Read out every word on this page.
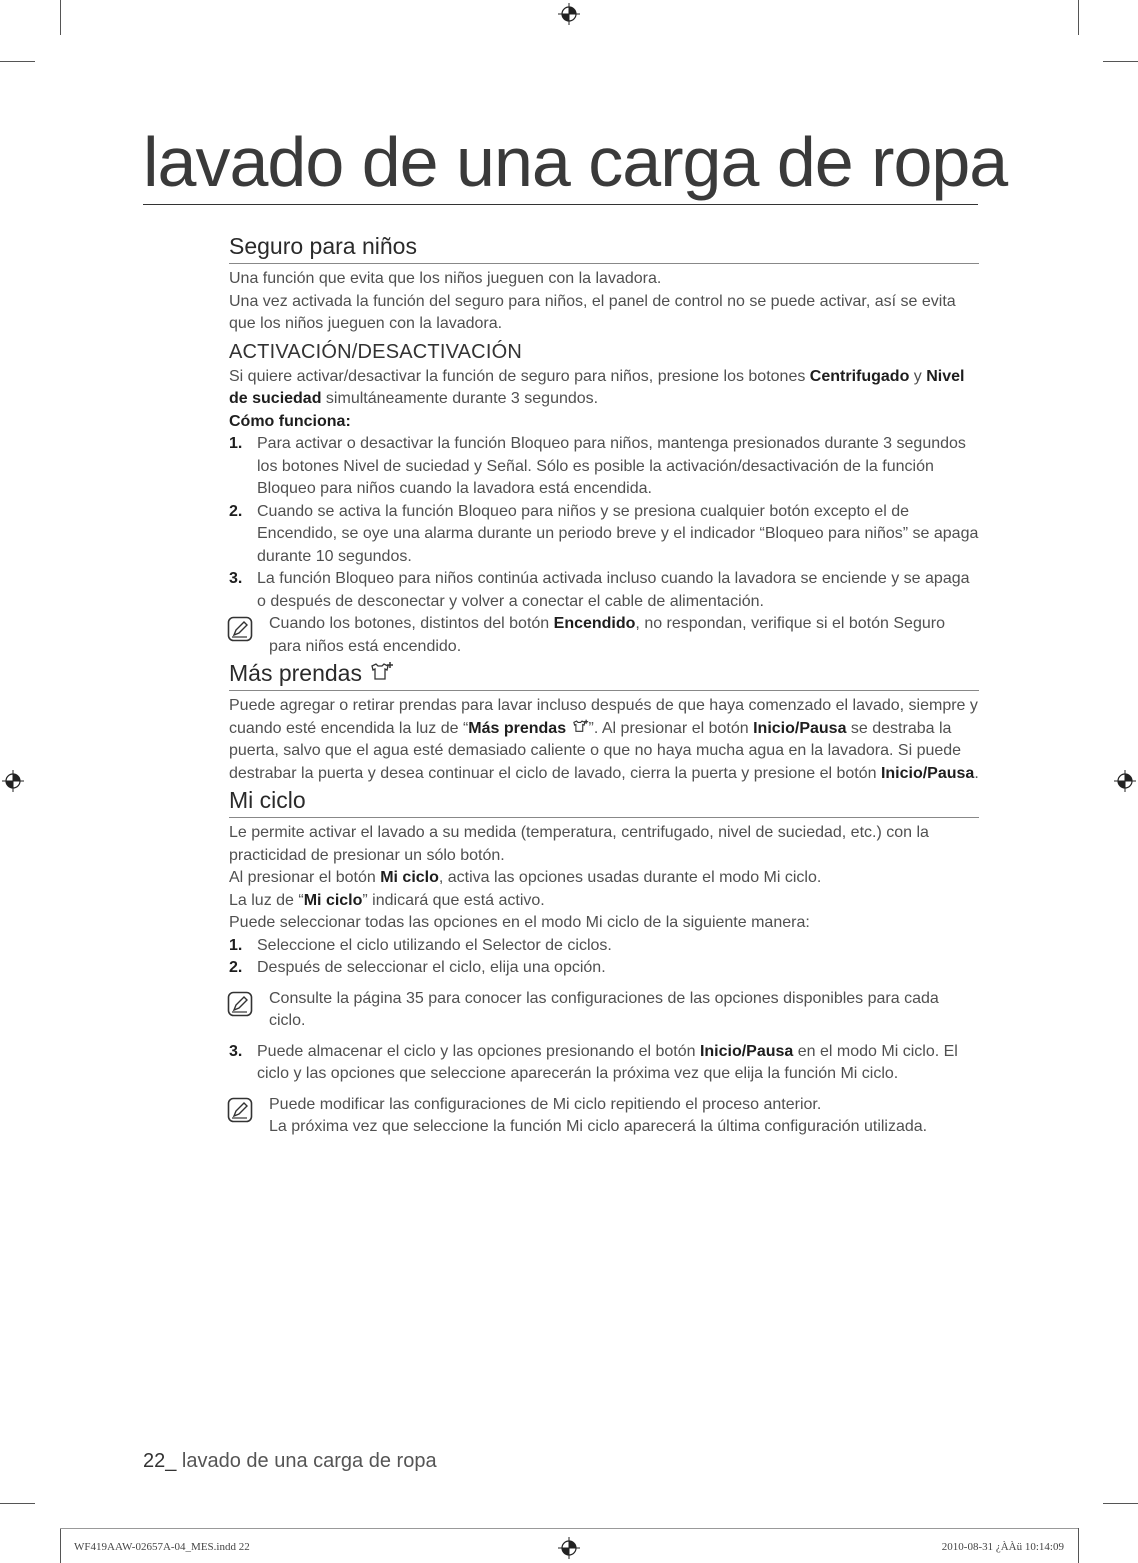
lavado de una carga de ropa
Seguro para niños

Una función que evita que los niños jueguen con la lavadora.

Una vez activada la función del seguro para niños, el panel de control no se puede activar, así se evita que los niños jueguen con la lavadora.

ACTIVACIÓN/DESACTIVACIÓN

Si quiere activar/desactivar la función de seguro para niños, presione los botones Centrifugado y Nivel de suciedad simultáneamente durante 3 segundos.

Cómo funciona:

1. Para activar o desactivar la función Bloqueo para niños, mantenga presionados durante 3 segundos los botones Nivel de suciedad y Señal. Sólo es posible la activación/desactivación de la función Bloqueo para niños cuando la lavadora está encendida.
2. Cuando se activa la función Bloqueo para niños y se presiona cualquier botón excepto el de Encendido, se oye una alarma durante un periodo breve y el indicador “Bloqueo para niños” se apaga durante 10 segundos.
3. La función Bloqueo para niños continúa activada incluso cuando la lavadora se enciende y se apaga o después de desconectar y volver a conectar el cable de alimentación.
Cuando los botones, distintos del botón Encendido, no respondan, verifique si el botón Seguro para niños está encendido.
Más prendas

Puede agregar o retirar prendas para lavar incluso después de que haya comenzado el lavado, siempre y cuando esté encendida la luz de “Más prendas ”. Al presionar el botón Inicio/Pausa se destraba la puerta, salvo que el agua esté demasiado caliente o que no haya mucha agua en la lavadora. Si puede destrabar la puerta y desea continuar el ciclo de lavado, cierra la puerta y presione el botón Inicio/Pausa.

Mi ciclo

Le permite activar el lavado a su medida (temperatura, centrifugado, nivel de suciedad, etc.) con la practicidad de presionar un sólo botón.

Al presionar el botón Mi ciclo, activa las opciones usadas durante el modo Mi ciclo.

La luz de “Mi ciclo” indicará que está activo.

Puede seleccionar todas las opciones en el modo Mi ciclo de la siguiente manera:

1. Seleccione el ciclo utilizando el Selector de ciclos.
2. Después de seleccionar el ciclo, elija una opción.
Consulte la página 35 para conocer las configuraciones de las opciones disponibles para cada ciclo.
3. Puede almacenar el ciclo y las opciones presionando el botón Inicio/Pausa en el modo Mi ciclo. El ciclo y las opciones que seleccione aparecerán la próxima vez que elija la función Mi ciclo.

Puede modificar las configuraciones de Mi ciclo repitiendo el proceso anterior.

La próxima vez que seleccione la función Mi ciclo aparecerá la última configuración utilizada.

22_ lavado de una carga de ropa
WF419AAW-02657A-04_MES.indd 22	2010-08-31 ¿ÀÀü 10:14:09
